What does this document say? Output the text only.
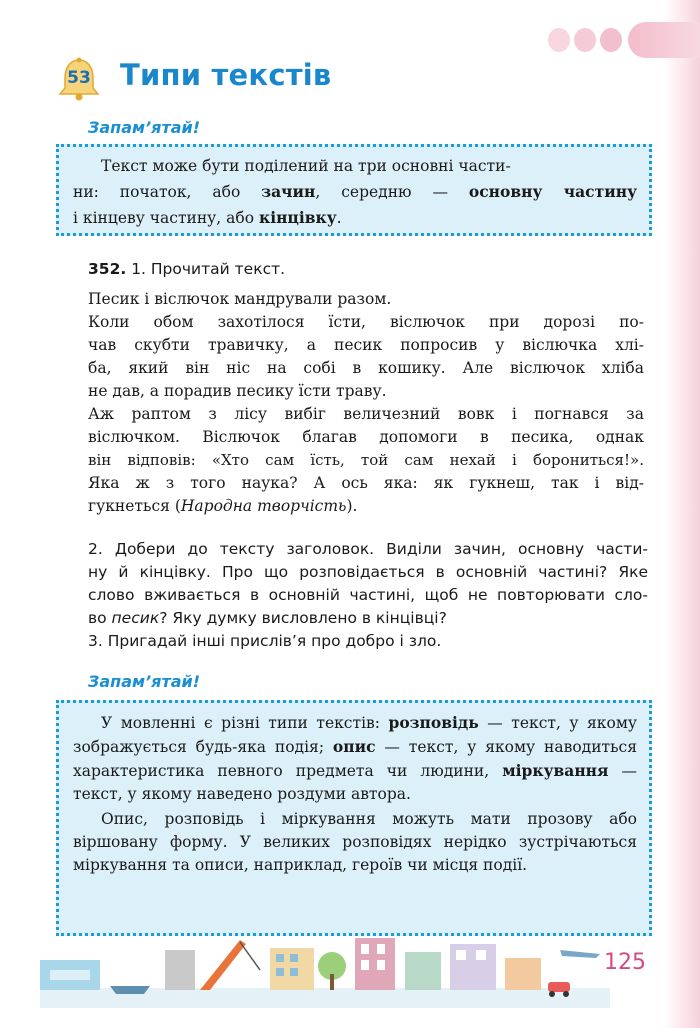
53	Типи текстів
Запам’ятай!

Текст може бути поділений на три основні части-

ни: початок, або зачин, середню — основну частину

і кінцеву частину, або кінцівку.

352. 1. Прочитай текст.

Песик і віслючок мандрували разом.

Коли обом захотілося їсти, віслючок при дорозі по-

чав скубти травичку, а песик попросив у віслючка хлі-

ба, який він ніс на собі в кошику. Але віслючок хліба

не дав, а порадив песику їсти траву.

Аж раптом з лісу вибіг величезний вовк і погнався за

віслючком. Віслючок благав допомоги в песика, однак

він відповів: «Хто сам їсть, той сам нехай і борониться!».

Яка ж з того наука? А ось яка: як гукнеш, так і від-

гукнеться (Народна творчість).

2. Добери до тексту заголовок. Виділи зачин, основну части-

ну й кінцівку. Про що розповідається в основній частині? Яке

слово вживається в основній частині, щоб не повторювати сло-

во песик? Яку думку висловлено в кінцівці?

3. Пригадай інші прислів’я про добро і зло.

Запам’ятай!

У мовленні є різні типи текстів: розповідь — текст, у якому зображується будь-яка подія; опис — текст, у якому наводиться характеристика певного предмета чи людини, міркування — текст, у якому наведено роздуми автора.

Опис, розповідь і міркування можуть мати прозову або віршовану форму. У великих розповідях нерідко зустрічаються міркування та описи, наприклад, героїв чи місця події.

125
